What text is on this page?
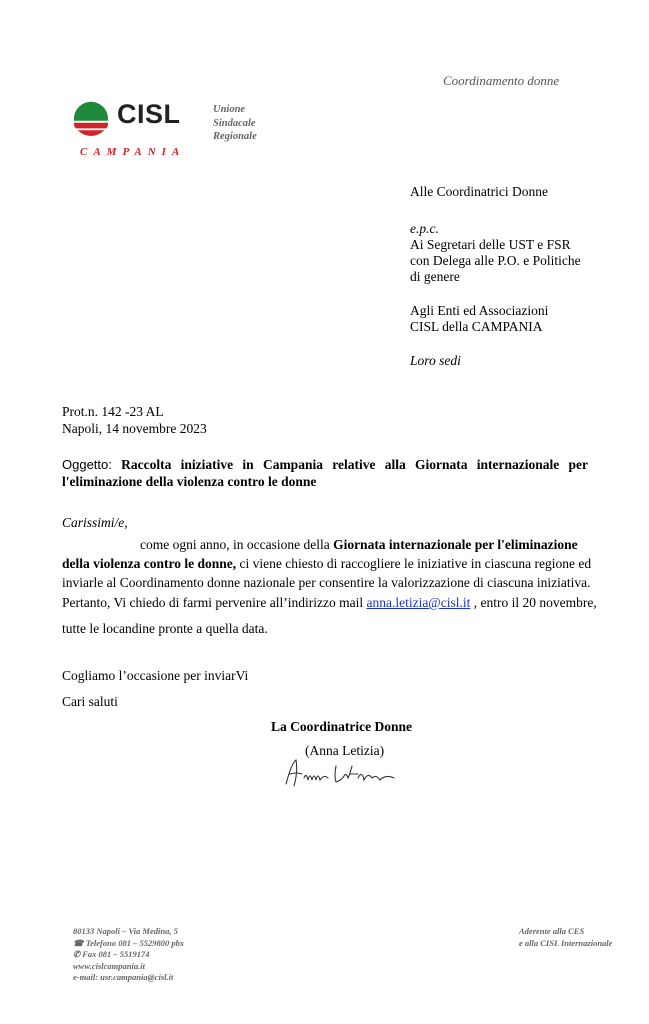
Coordinamento donne
CISL
CAMPANIA
Unione
Sindacale
Regionale
Alle Coordinatrici Donne
e.p.c.
Ai Segretari delle UST e FSR
con Delega alle P.O. e Politiche
di genere
Agli Enti ed Associazioni
CISL della CAMPANIA
Loro sedi
Prot.n. 142 -23 AL
Napoli, 14 novembre 2023
Oggetto: Raccolta iniziative in Campania relative alla Giornata internazionale per l'eliminazione della violenza contro le donne
Carissimi/e,
come ogni anno, in occasione della Giornata internazionale per l'eliminazione
della violenza contro le donne, ci viene chiesto di raccogliere le iniziative in ciascuna regione ed
inviarle al Coordinamento donne nazionale per consentire la valorizzazione di ciascuna iniziativa.
Pertanto, Vi chiedo di farmi pervenire all’indirizzo mail anna.letizia@cisl.it , entro il 20 novembre,
tutte le locandine pronte a quella data.
Cogliamo l’occasione per inviarVi
Cari saluti
La Coordinatrice Donne
(Anna Letizia)
80133 Napoli – Via Medina, 5
☎ Telefono 081 – 5529800 pbx
✆ Fax 081 – 5519174
www.cislcampania.it
e-mail: usr.campania@cisl.it
Aderente alla CES
e alla CISL Internazionale
